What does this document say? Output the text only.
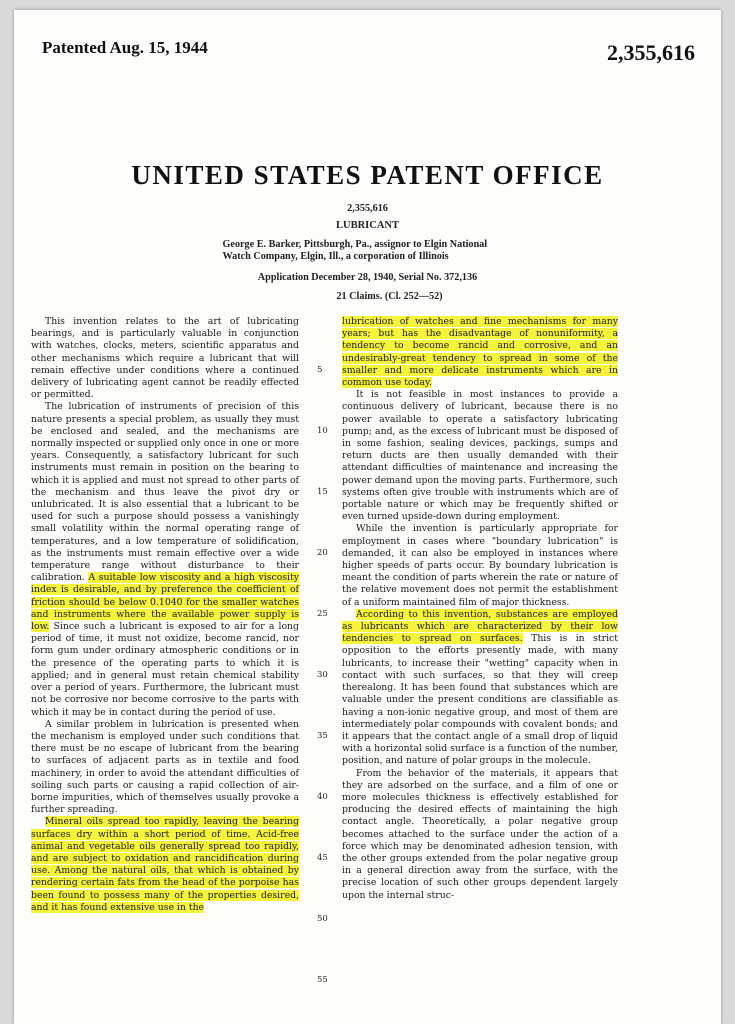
Patented Aug. 15, 1944	2,355,616
UNITED STATES PATENT OFFICE
2,355,616
LUBRICANT
George E. Barker, Pittsburgh, Pa., assignor to Elgin National Watch Company, Elgin, Ill., a corporation of Illinois
Application December 28, 1940, Serial No. 372,136
21 Claims. (Cl. 252—52)

This invention relates to the art of lubricating bearings, and is particularly valuable in conjunction with watches, clocks, meters, scientific apparatus and other mechanisms which require a lubricant that will remain effective under conditions where a continued delivery of lubricating agent cannot be readily effected or permitted.

The lubrication of instruments of precision of this nature presents a special problem, as usually they must be enclosed and sealed, and the mechanisms are normally inspected or supplied only once in one or more years. Consequently, a satisfactory lubricant for such instruments must remain in position on the bearing to which it is applied and must not spread to other parts of the mechanism and thus leave the pivot dry or unlubricated. It is also essential that a lubricant to be used for such a purpose should possess a vanishingly small volatility within the normal operating range of temperatures, and a low temperature of solidification, as the instruments must remain effective over a wide temperature range without disturbance to their calibration. A suitable low viscosity and a high viscosity index is desirable, and by preference the coefficient of friction should be below 0.1040 for the smaller watches and instruments where the available power supply is low. Since such a lubricant is exposed to air for a long period of time, it must not oxidize, become rancid, nor form gum under ordinary atmospheric conditions or in the presence of the operating parts to which it is applied; and in general must retain chemical stability over a period of years. Furthermore, the lubricant must not be corrosive nor become corrosive to the parts with which it may be in contact during the period of use.

A similar problem in lubrication is presented when the mechanism is employed under such conditions that there must be no escape of lubricant from the bearing to surfaces of adjacent parts as in textile and food machinery, in order to avoid the attendant difficulties of soiling such parts or causing a rapid collection of air-borne impurities, which of themselves usually provoke a further spreading.

Mineral oils spread too rapidly, leaving the bearing surfaces dry within a short period of time. Acid-free animal and vegetable oils generally spread too rapidly, and are subject to oxidation and rancidification during use. Among the natural oils, that which is obtained by rendering certain fats from the head of the porpoise has been found to possess many of the properties desired, and it has found extensive use in the

5
10
15
20
25
30
35
40
45
50
55

lubrication of watches and fine mechanisms for many years; but has the disadvantage of nonuniformity, a tendency to become rancid and corrosive, and an undesirably-great tendency to spread in some of the smaller and more delicate instruments which are in common use today.

It is not feasible in most instances to provide a continuous delivery of lubricant, because there is no power available to operate a satisfactory lubricating pump; and, as the excess of lubricant must be disposed of in some fashion, sealing devices, packings, sumps and return ducts are then usually demanded with their attendant difficulties of maintenance and increasing the power demand upon the moving parts. Furthermore, such systems often give trouble with instruments which are of portable nature or which may be frequently shifted or even turned upside-down during employment.

While the invention is particularly appropriate for employment in cases where "boundary lubrication" is demanded, it can also be employed in instances where higher speeds of parts occur. By boundary lubrication is meant the condition of parts wherein the rate or nature of the relative movement does not permit the establishment of a uniform maintained film of major thickness.

According to this invention, substances are employed as lubricants which are characterized by their low tendencies to spread on surfaces. This is in strict opposition to the efforts presently made, with many lubricants, to increase their "wetting" capacity when in contact with such surfaces, so that they will creep therealong. It has been found that substances which are valuable under the present conditions are classifiable as having a non-ionic negative group, and most of them are intermediately polar compounds with covalent bonds; and it appears that the contact angle of a small drop of liquid with a horizontal solid surface is a function of the number, position, and nature of polar groups in the molecule.

From the behavior of the materials, it appears that they are adsorbed on the surface, and a film of one or more molecules thickness is effectively established for producing the desired effects of maintaining the high contact angle. Theoretically, a polar negative group becomes attached to the surface under the action of a force which may be denominated adhesion tension, with the other groups extended from the polar negative group in a general direction away from the surface, with the precise location of such other groups dependent largely upon the internal struc-
